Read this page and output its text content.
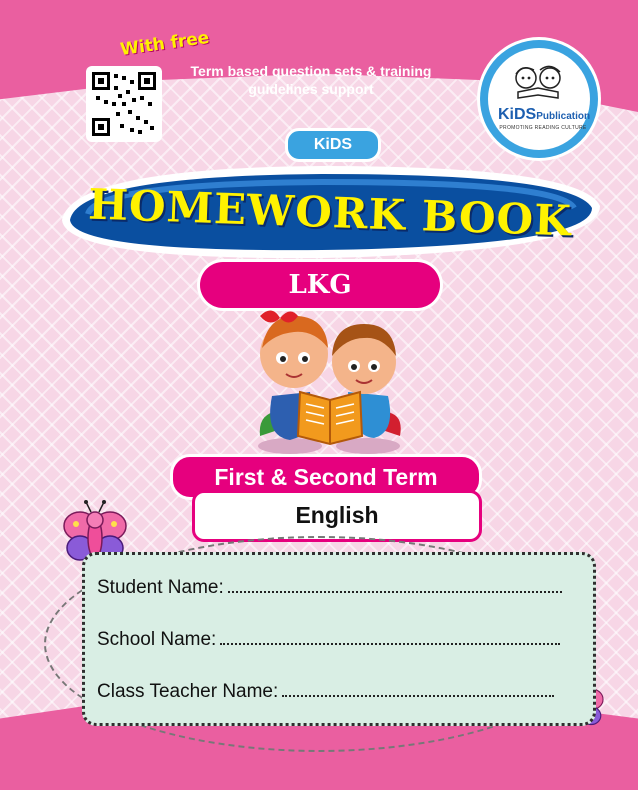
With free
Term based question sets & training guidelines support
KiDSPublication
PROMOTING READING CULTURE
KiDS
HOMEWORK BOOK
LKG
First & Second Term
English
Student Name:
School Name:
Class Teacher Name:
